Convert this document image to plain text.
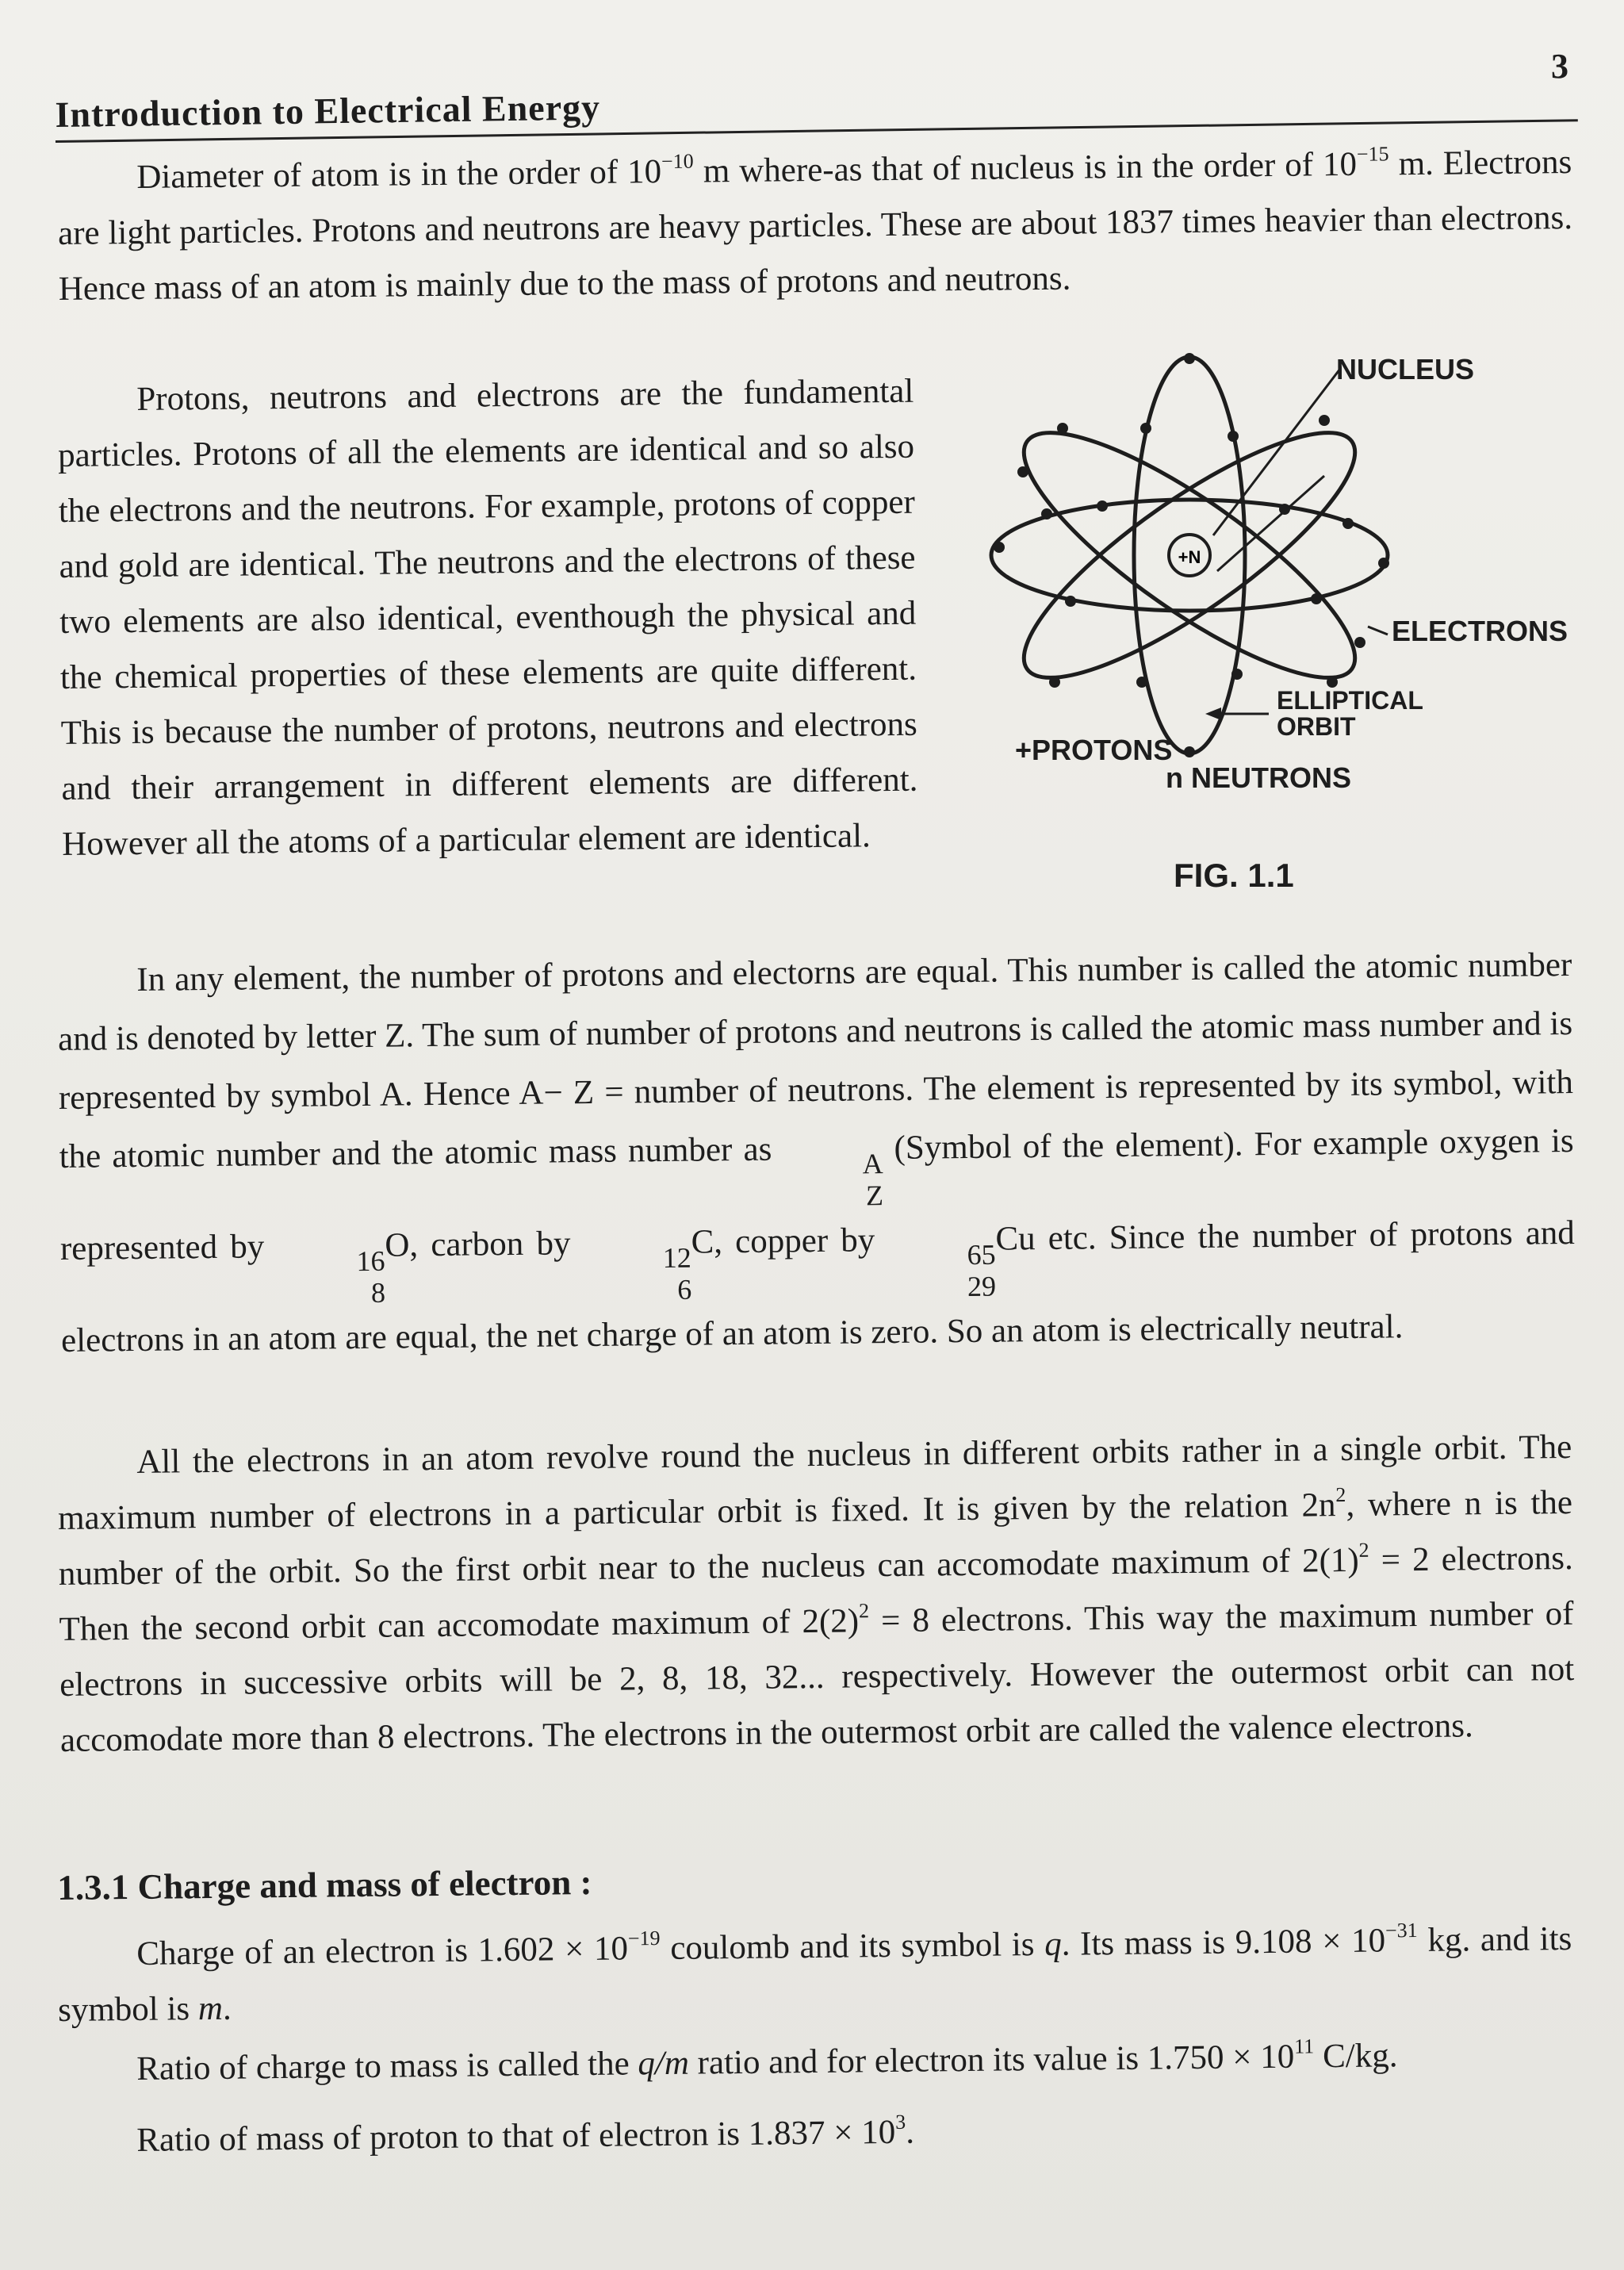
3
Introduction to Electrical Energy

Diameter of atom is in the order of $10^{-10}$ m where-as that of nucleus is in the order of $10^{-15}$ m. Electrons are light particles. Protons and neutrons are heavy particles. These are about 1837 times heavier than electrons. Hence mass of an atom is mainly due to the mass of protons and neutrons.

Protons, neutrons and electrons are the fundamental particles. Protons of all the elements are identical and so also the electrons and the neutrons. For example, protons of copper and gold are identical. The neutrons and the electrons of these two elements are also identical, eventhough the physical and the chemical properties of these elements are quite different. This is because the number of protons, neutrons and electrons and their arrangement in different elements are different. However all the atoms of a particular element are identical.

+N
NUCLEUS
ELECTRONS
ELLIPTICAL
ORBIT
+PROTONS
n NEUTRONS
FIG. 1.1

In any element, the number of protons and electorns are equal. This number is called the atomic number and is denoted by letter Z. The sum of number of protons and neutrons is called the atomic mass number and is represented by symbol A. Hence A− Z = number of neutrons. The element is represented by its symbol, with the atomic number and the atomic mass number as	A
Z
(Symbol of the element). For example oxygen is represented by	16
8
O, carbon by	12
6
C, copper by	65
29
Cu etc. Since the number of protons and electrons in an atom are equal, the net charge of an atom is zero. So an atom is electrically neutral.

All the electrons in an atom revolve round the nucleus in different orbits rather in a single orbit. The maximum number of electrons in a particular orbit is fixed. It is given by the relation $2n^2$, where n is the number of the orbit. So the first orbit near to the nucleus can accomodate maximum of $2(1)^2 = 2$ electrons. Then the second orbit can accomodate maximum of $2(2)^2 = 8$ electrons. This way the maximum number of electrons in successive orbits will be 2, 8, 18, 32... respectively. However the outermost orbit can not accomodate more than 8 electrons. The electrons in the outermost orbit are called the valence electrons.

1.3.1 Charge and mass of electron :

Charge of an electron is $1.602 \times 10^{-19}$ coulomb and its symbol is q. Its mass is $9.108 \times 10^{-31}$ kg. and its symbol is m.

Ratio of charge to mass is called the q/m ratio and for electron its value is $1.750 \times 10^{11}$ C/kg.

Ratio of mass of proton to that of electron is $1.837 \times 10^3$.
